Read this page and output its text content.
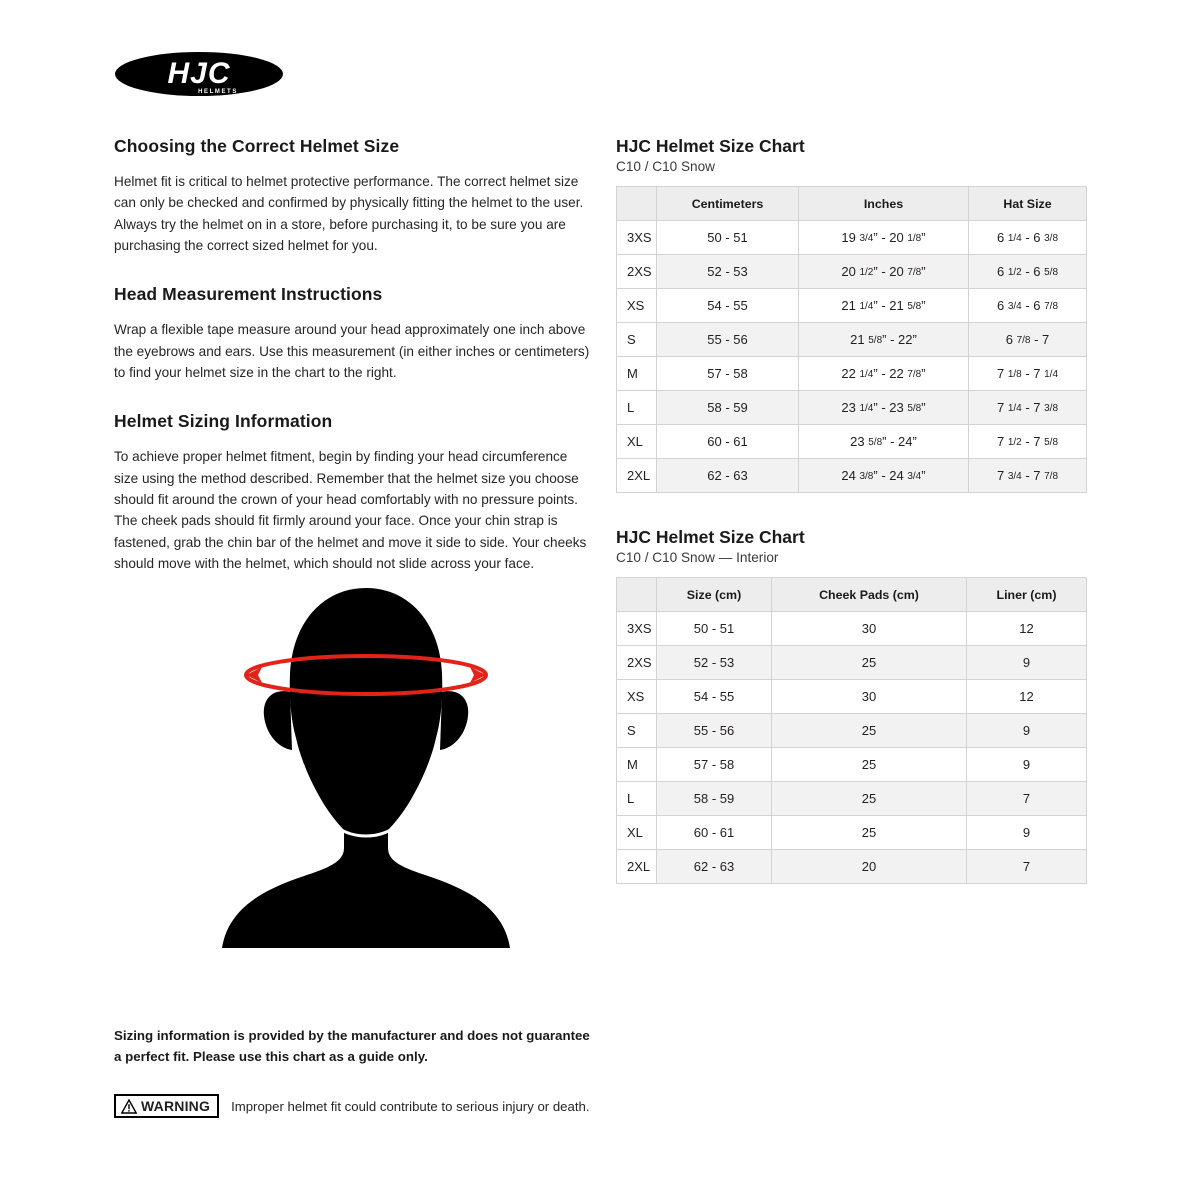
HJC
HELMETS
Choosing the Correct Helmet Size

Helmet fit is critical to helmet protective performance. The correct helmet size can only be checked and confirmed by physically fitting the helmet to the user. Always try the helmet on in a store, before purchasing it, to be sure you are purchasing the correct sized helmet for you.

Head Measurement Instructions

Wrap a flexible tape measure around your head approximately one inch above the eyebrows and ears. Use this measurement (in either inches or centimeters) to find your helmet size in the chart to the right.

Helmet Sizing Information

To achieve proper helmet fitment, begin by finding your head circumference size using the method described. Remember that the helmet size you choose should fit around the crown of your head comfortably with no pressure points. The cheek pads should fit firmly around your face. Once your chin strap is fastened, grab the chin bar of the helmet and move it side to side. Your cheeks should move with the helmet, which should not slide across your face.

Sizing information is provided by the manufacturer and does not guarantee a perfect fit. Please use this chart as a guide only.
WARNING Improper helmet fit could contribute to serious injury or death.
HJC Helmet Size Chart
C10 / C10 Snow
	Centimeters	Inches	Hat Size
3XS	50 - 51	19 3/4” - 20 1/8”	6 1/4 - 6 3/8
2XS	52 - 53	20 1/2” - 20 7/8”	6 1/2 - 6 5/8
XS	54 - 55	21 1/4” - 21 5/8”	6 3/4 - 6 7/8
S	55 - 56	21 5/8” - 22”	6 7/8 - 7
M	57 - 58	22 1/4” - 22 7/8”	7 1/8 - 7 1/4
L	58 - 59	23 1/4” - 23 5/8”	7 1/4 - 7 3/8
XL	60 - 61	23 5/8” - 24”	7 1/2 - 7 5/8
2XL	62 - 63	24 3/8” - 24 3/4”	7 3/4 - 7 7/8
HJC Helmet Size Chart
C10 / C10 Snow — Interior
	Size (cm)	Cheek Pads (cm)	Liner (cm)
3XS	50 - 51	30	12
2XS	52 - 53	25	9
XS	54 - 55	30	12
S	55 - 56	25	9
M	57 - 58	25	9
L	58 - 59	25	7
XL	60 - 61	25	9
2XL	62 - 63	20	7
